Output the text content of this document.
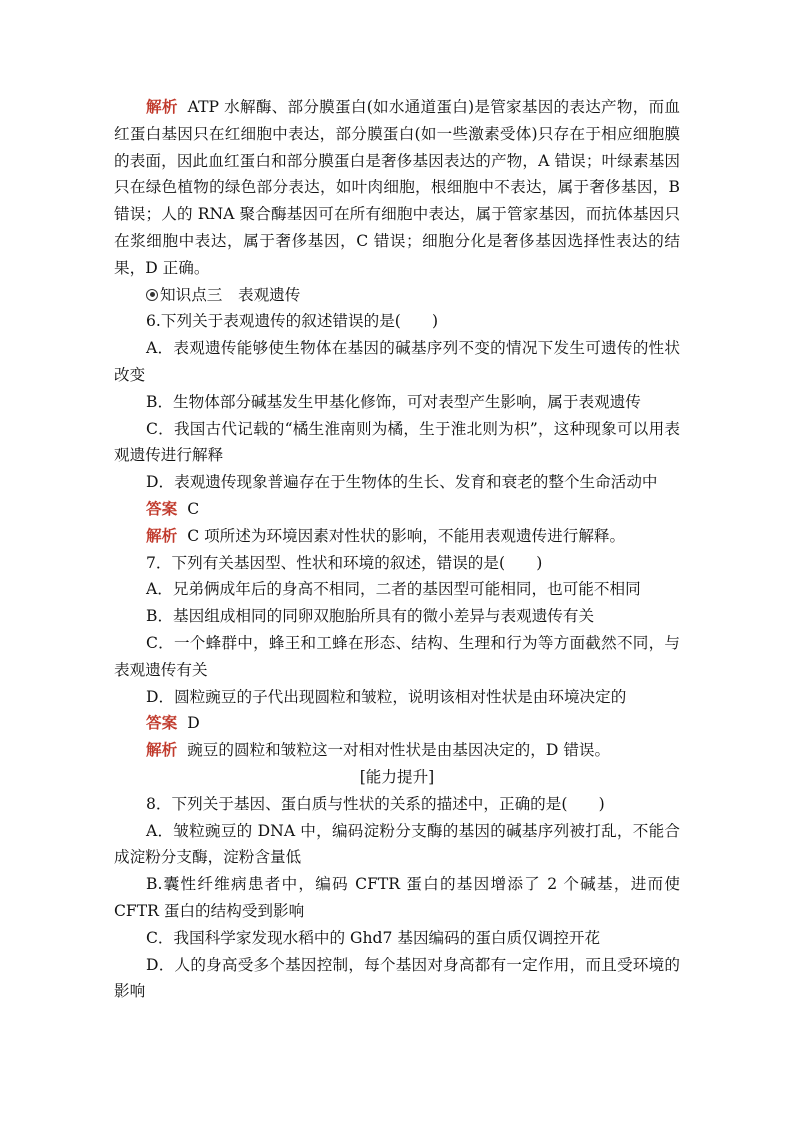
解析 ATP 水解酶、部分膜蛋白(如水通道蛋白)是管家基因的表达产物，而血红蛋白基因只在红细胞中表达，部分膜蛋白(如一些激素受体)只存在于相应细胞膜的表面，因此血红蛋白和部分膜蛋白是奢侈基因表达的产物，A 错误；叶绿素基因只在绿色植物的绿色部分表达，如叶肉细胞，根细胞中不表达，属于奢侈基因，B 错误；人的 RNA 聚合酶基因可在所有细胞中表达，属于管家基因，而抗体基因只在浆细胞中表达，属于奢侈基因，C 错误；细胞分化是奢侈基因选择性表达的结果，D 正确。

知识点三　表观遗传

6.下列关于表观遗传的叙述错误的是(　　)

A．表观遗传能够使生物体在基因的碱基序列不变的情况下发生可遗传的性状改变

B．生物体部分碱基发生甲基化修饰，可对表型产生影响，属于表观遗传

C．我国古代记载的“橘生淮南则为橘，生于淮北则为枳”，这种现象可以用表观遗传进行解释

D．表观遗传现象普遍存在于生物体的生长、发育和衰老的整个生命活动中

答案 C

解析 C 项所述为环境因素对性状的影响，不能用表观遗传进行解释。

7．下列有关基因型、性状和环境的叙述，错误的是(　　)

A．兄弟俩成年后的身高不相同，二者的基因型可能相同，也可能不相同

B．基因组成相同的同卵双胞胎所具有的微小差异与表观遗传有关

C．一个蜂群中，蜂王和工蜂在形态、结构、生理和行为等方面截然不同，与表观遗传有关

D．圆粒豌豆的子代出现圆粒和皱粒，说明该相对性状是由环境决定的

答案 D

解析 豌豆的圆粒和皱粒这一对相对性状是由基因决定的，D 错误。

[能力提升]

8．下列关于基因、蛋白质与性状的关系的描述中，正确的是(　　)

A．皱粒豌豆的 DNA 中，编码淀粉分支酶的基因的碱基序列被打乱，不能合成淀粉分支酶，淀粉含量低

B.囊性纤维病患者中，编码 CFTR 蛋白的基因增添了 2 个碱基，进而使 CFTR 蛋白的结构受到影响

C．我国科学家发现水稻中的 Ghd7 基因编码的蛋白质仅调控开花

D．人的身高受多个基因控制，每个基因对身高都有一定作用，而且受环境的影响
